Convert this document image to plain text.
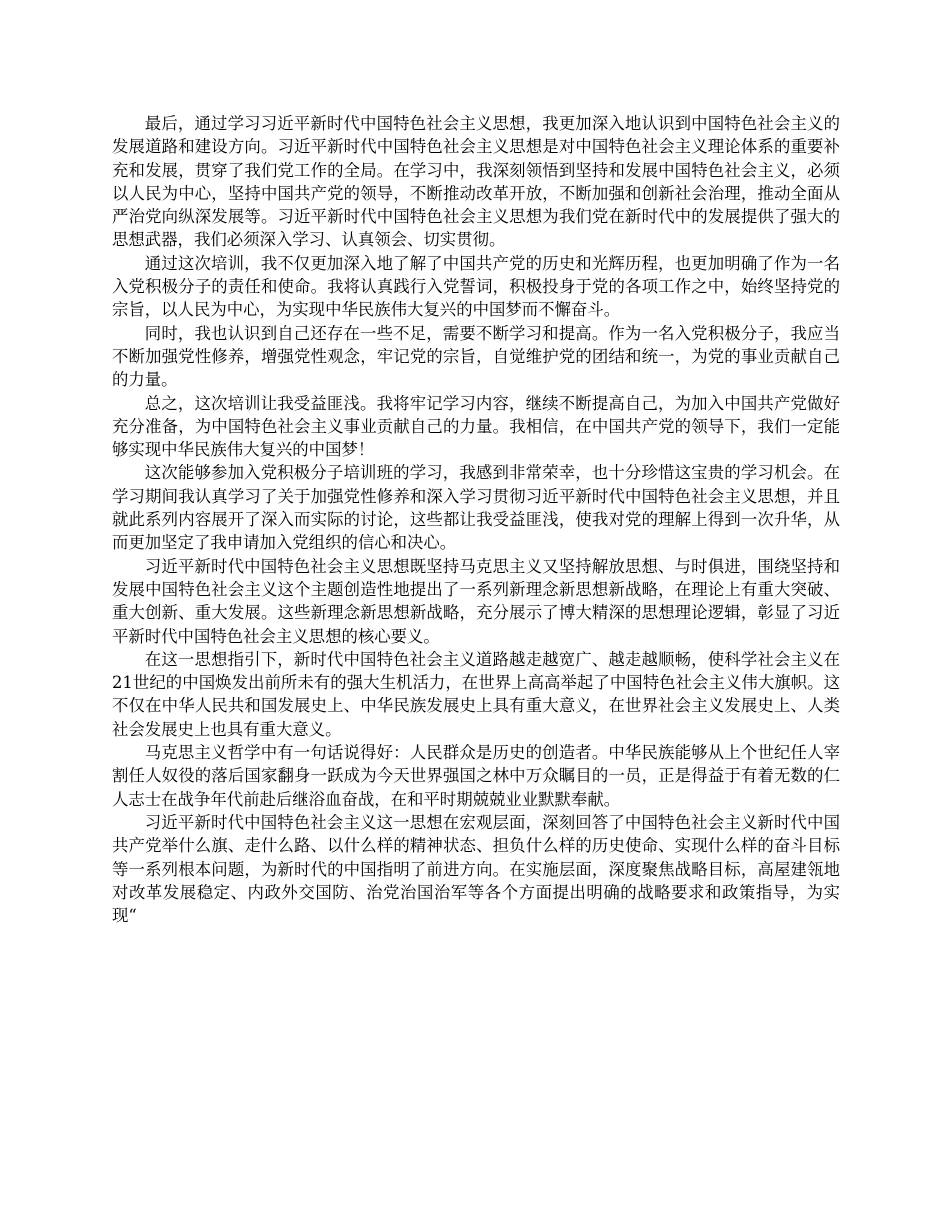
最后，通过学习习近平新时代中国特色社会主义思想，我更加深入地认识到中国特色社会主义的发展道路和建设方向。习近平新时代中国特色社会主义思想是对中国特色社会主义理论体系的重要补充和发展，贯穿了我们党工作的全局。在学习中，我深刻领悟到坚持和发展中国特色社会主义，必须以人民为中心，坚持中国共产党的领导，不断推动改革开放，不断加强和创新社会治理，推动全面从严治党向纵深发展等。习近平新时代中国特色社会主义思想为我们党在新时代中的发展提供了强大的思想武器，我们必须深入学习、认真领会、切实贯彻。

通过这次培训，我不仅更加深入地了解了中国共产党的历史和光辉历程，也更加明确了作为一名入党积极分子的责任和使命。我将认真践行入党誓词，积极投身于党的各项工作之中，始终坚持党的宗旨，以人民为中心，为实现中华民族伟大复兴的中国梦而不懈奋斗。

同时，我也认识到自己还存在一些不足，需要不断学习和提高。作为一名入党积极分子，我应当不断加强党性修养，增强党性观念，牢记党的宗旨，自觉维护党的团结和统一，为党的事业贡献自己的力量。

总之，这次培训让我受益匪浅。我将牢记学习内容，继续不断提高自己，为加入中国共产党做好充分准备，为中国特色社会主义事业贡献自己的力量。我相信，在中国共产党的领导下，我们一定能够实现中华民族伟大复兴的中国梦！

这次能够参加入党积极分子培训班的学习，我感到非常荣幸，也十分珍惜这宝贵的学习机会。在学习期间我认真学习了关于加强党性修养和深入学习贯彻习近平新时代中国特色社会主义思想，并且就此系列内容展开了深入而实际的讨论，这些都让我受益匪浅，使我对党的理解上得到一次升华，从而更加坚定了我申请加入党组织的信心和决心。

习近平新时代中国特色社会主义思想既坚持马克思主义又坚持解放思想、与时俱进，围绕坚持和发展中国特色社会主义这个主题创造性地提出了一系列新理念新思想新战略，在理论上有重大突破、重大创新、重大发展。这些新理念新思想新战略，充分展示了博大精深的思想理论逻辑，彰显了习近平新时代中国特色社会主义思想的核心要义。

在这一思想指引下，新时代中国特色社会主义道路越走越宽广、越走越顺畅，使科学社会主义在21世纪的中国焕发出前所未有的强大生机活力，在世界上高高举起了中国特色社会主义伟大旗帜。这不仅在中华人民共和国发展史上、中华民族发展史上具有重大意义，在世界社会主义发展史上、人类社会发展史上也具有重大意义。

马克思主义哲学中有一句话说得好：人民群众是历史的创造者。中华民族能够从上个世纪任人宰割任人奴役的落后国家翻身一跃成为今天世界强国之林中万众瞩目的一员，正是得益于有着无数的仁人志士在战争年代前赴后继浴血奋战，在和平时期兢兢业业默默奉献。

习近平新时代中国特色社会主义这一思想在宏观层面，深刻回答了中国特色社会主义新时代中国共产党举什么旗、走什么路、以什么样的精神状态、担负什么样的历史使命、实现什么样的奋斗目标等一系列根本问题，为新时代的中国指明了前进方向。在实施层面，深度聚焦战略目标，高屋建瓴地对改革发展稳定、内政外交国防、治党治国治军等各个方面提出明确的战略要求和政策指导，为实现“
